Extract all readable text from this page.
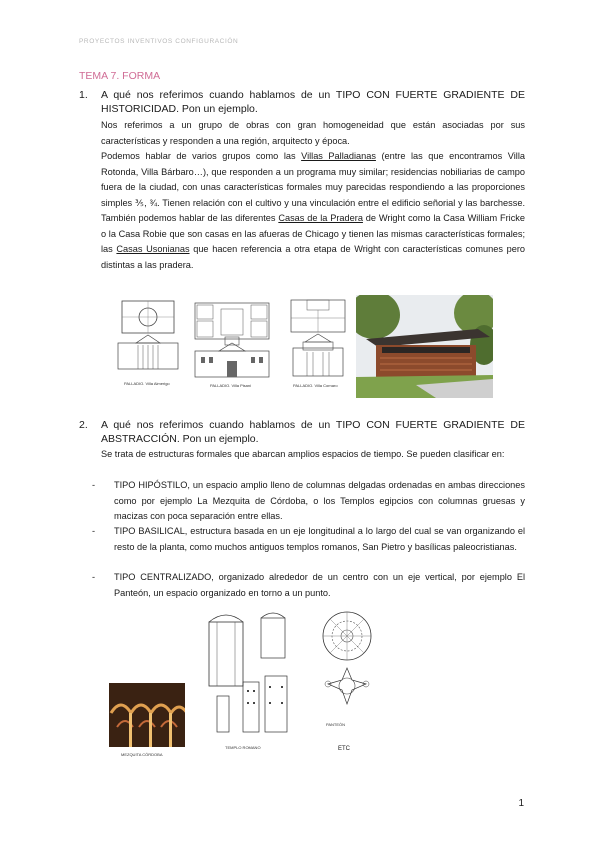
PROYECTOS INVENTIVOS CONFIGURACIÓN
TEMA 7. FORMA
1. A qué nos referimos cuando hablamos de un TIPO CON FUERTE GRADIENTE DE
HISTORICIDAD. Pon un ejemplo.
Nos referimos a un grupo de obras con gran homogeneidad que están asociadas por sus características y responden a una región, arquitecto y época.
Podemos hablar de varios grupos como las Villas Palladianas (entre las que encontramos Villa Rotonda, Villa Bárbaro…), que responden a un programa muy similar; residencias nobiliarias de campo fuera de la ciudad, con unas características formales muy parecidas respondiendo a las proporciones simples ⅗, ¾. Tienen relación con el cultivo y una vinculación entre el edificio señorial y las barchesse. También podemos hablar de las diferentes Casas de la Pradera de Wright como la Casa William Fricke o la Casa Robie que son casas en las afueras de Chicago y tienen las mismas características formales; las Casas Usonianas que hacen referencia a otra etapa de Wright con características comunes pero distintas a las pradera.
PALLADIO. Villa Almerigo	PALLADIO. Villa Pisani	PALLADIO. Villa Cornaro
2. A qué nos referimos cuando hablamos de un TIPO CON FUERTE GRADIENTE DE
ABSTRACCIÓN. Pon un ejemplo.
Se trata de estructuras formales que abarcan amplios espacios de tiempo. Se pueden clasificar en:
- TIPO HIPÓSTILO, un espacio amplio lleno de columnas delgadas ordenadas en ambas direcciones como por ejemplo La Mezquita de Córdoba, o los Templos egipcios con columnas gruesas y macizas con poca separación entre ellas.
- TIPO BASILICAL, estructura basada en un eje longitudinal a lo largo del cual se van organizando el resto de la planta, como muchos antiguos templos romanos, San Pietro y basílicas paleocristianas.
- TIPO CENTRALIZADO, organizado alrededor de un centro con un eje vertical, por ejemplo El Panteón, un espacio organizado en torno a un punto.
MEZQUITA CÓRDOBA
TEMPLO ROMANO
PANTEÓN
ETC
1
